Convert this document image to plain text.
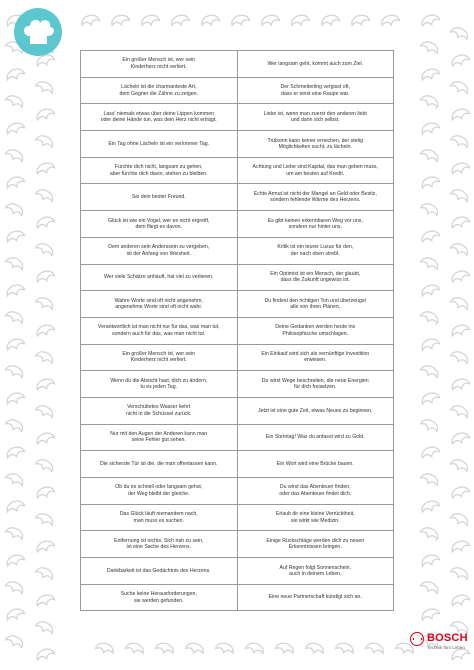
Ein großer Mensch ist, wer sein
Kinderherz nicht verliert.
Wer langsam geht, kommt auch zum Ziel.
Lächeln ist die charmanteste Art,
dem Gegner die Zähne zu zeigen.
Der Schmetterling vergisst oft,
dass er einst eine Raupe war.
Lass' niemals etwas über deine Lippen kommen
oder deine Hände tun, was dein Herz nicht erträgt.
Liebe ist, wenn man zuerst den anderen liebt
und dann sich selbst.
Ein Tag ohne Lächeln ist ein verlorener Tag.
Trübsinn kann keiner erreichen, der stetig
Möglichkeiten sucht, zu lächeln.
Fürchte dich nicht, langsam zu gehen,
aber fürchte dich davor, stehen zu bleiben.
Achtung und Liebe sind Kapital, das man geben muss,
um am besten auf Kredit.
Sei dein bester Freund.
Echte Armut ist nicht der Mangel an Geld oder Besitz,
sondern fehlende Wärme des Herzens.
Glück ist wie ein Vogel, wer es nicht ergreift,
dem fliegt es davon.
Es gibt keinen erkennbaren Weg vor uns,
sondern nur hinter uns.
Dem anderen sein Anderssein zu vergeben,
ist der Anfang von Weisheit.
Kritik ist ein teurer Luxus für den,
der nach oben strebt.
Wer viele Schätze anhäuft, hat viel zu verlieren.
Ein Optimist ist ein Mensch, der glaubt,
dass die Zukunft ungewiss ist.
Wahre Worte sind oft nicht angenehm,
angenehme Worte sind oft nicht wahr.
Du findest den richtigen Ton und überzeugst
alle von ihren Plänen.
Verantwortlich ist man nicht nur für das, was man tut,
sondern auch für das, was man nicht tut.
Deine Gedanken werden heute ins
Philosophische umschlagen.
Ein großer Mensch ist, wer sein
Kinderherz nicht verliert.
Ein Einkauf wird sich als vernünftige Investition
erweisen.
Wenn du die Absicht hast, dich zu ändern,
tu es jeden Tag.
Du wirst Wege beschreiten, die neue Energien
für dich freisetzen.
Verschüttetes Wasser kehrt
nicht in die Schüssel zurück.
Jetzt ist eine gute Zeit, etwas Neues zu beginnen.
Nur mit den Augen der Anderen kann man
seine Fehler gut sehen.
Ein Sterntag! Was du anfasst wird zu Gold.
Die sicherste Tür ist die, die man offenlassen kann.	Ein Wort wird eine Brücke bauen.
Ob du es schnell oder langsam gehst,
der Weg bleibt der gleiche.
Du wirst das Abenteuer finden,
oder das Abenteuer findet dich.
Das Glück läuft niemandem nach,
man muss es suchen.
Erlaub dir eine kleine Verrücktheit,
sie wirkt wie Medizin.
Entfernung ist nichts. Sich nah zu sein,
ist eine Sache des Herzens.
Einige Rückschläge werden dich zu neuen
Erkenntnissen bringen.
Dankbarkeit ist das Gedächtnis des Herzens.
Auf Regen folgt Sonnenschein,
auch in deinem Leben.
Suche keine Herausforderungen,
sie werden gefunden.
Eine neue Partnerschaft kündigt sich an.
BOSCH
Technik fürs Leben
